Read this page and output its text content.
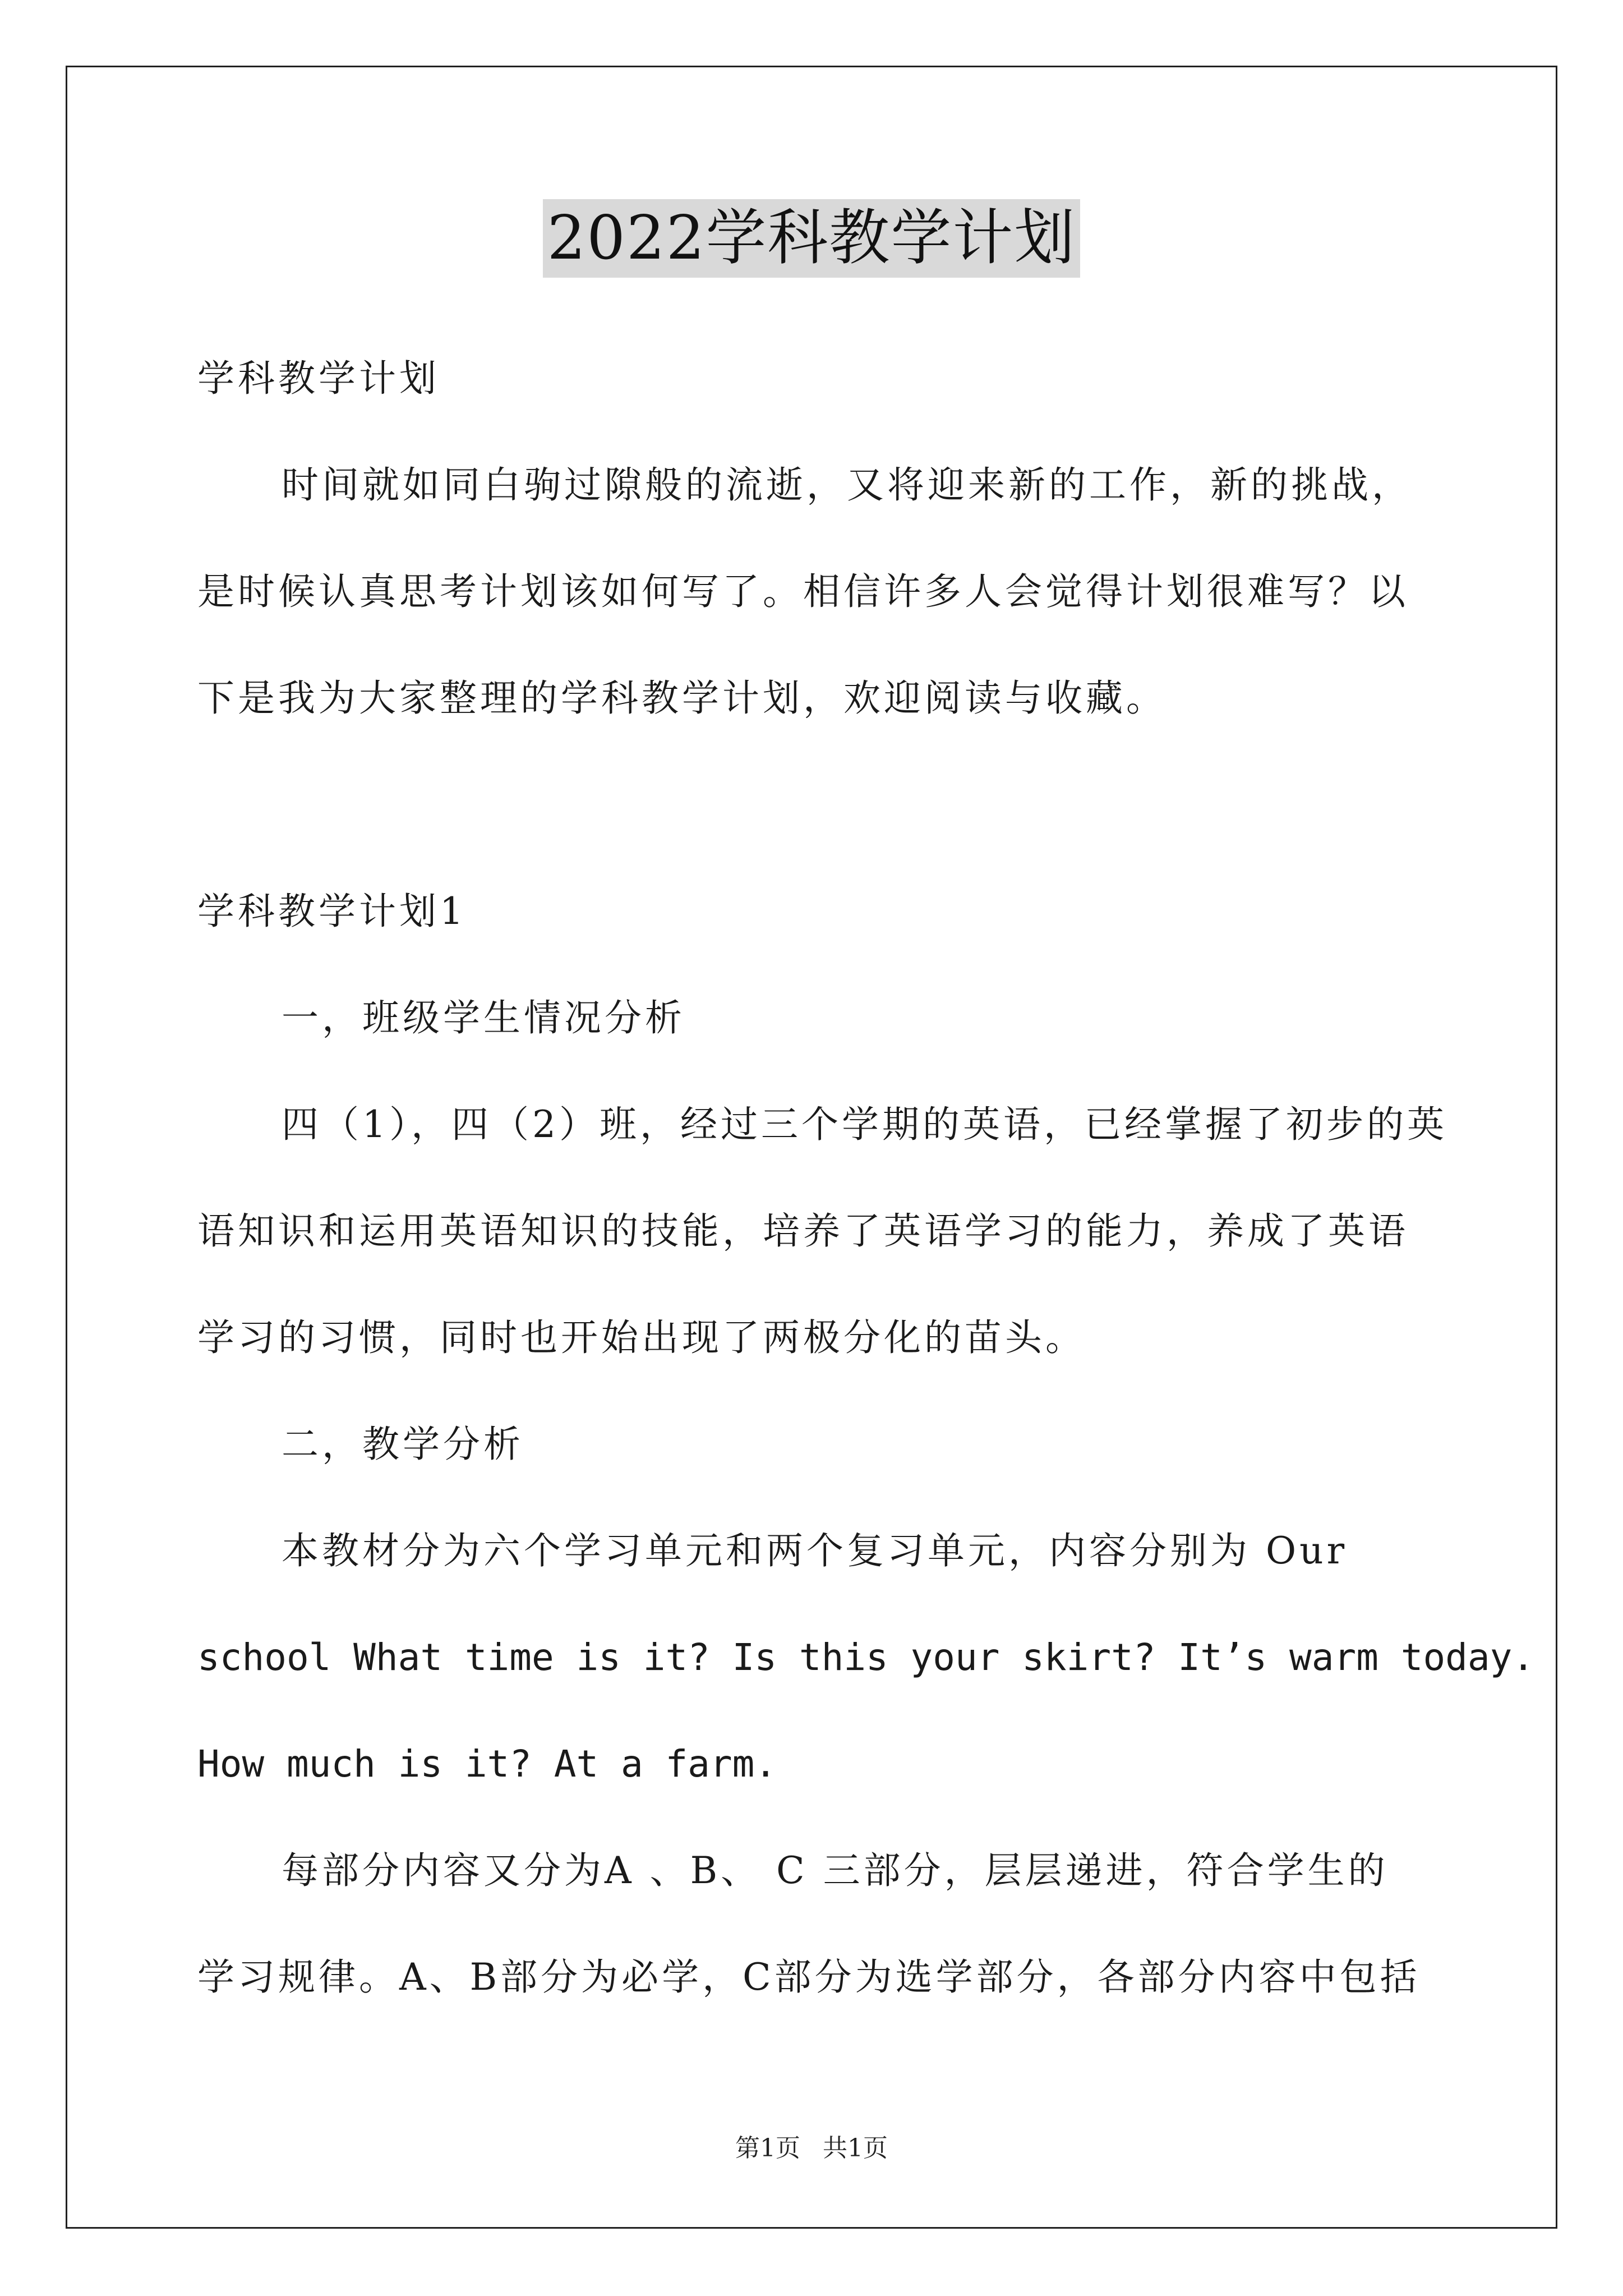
2022学科教学计划
学科教学计划
时间就如同白驹过隙般的流逝，又将迎来新的工作，新的挑战，
是时候认真思考计划该如何写了。相信许多人会觉得计划很难写？以
下是我为大家整理的学科教学计划，欢迎阅读与收藏。
学科教学计划1
一，班级学生情况分析
四（1），四（2）班，经过三个学期的英语，已经掌握了初步的英
语知识和运用英语知识的技能，培养了英语学习的能力，养成了英语
学习的习惯，同时也开始出现了两极分化的苗头。
二，教学分析
本教材分为六个学习单元和两个复习单元，内容分别为 Our
school What time is it? Is this your skirt? It’s warm today.
How much is it? At a farm.
每部分内容又分为A 、B、 C 三部分，层层递进，符合学生的
学习规律。A、B部分为必学，C部分为选学部分，各部分内容中包括
第1页 共1页
